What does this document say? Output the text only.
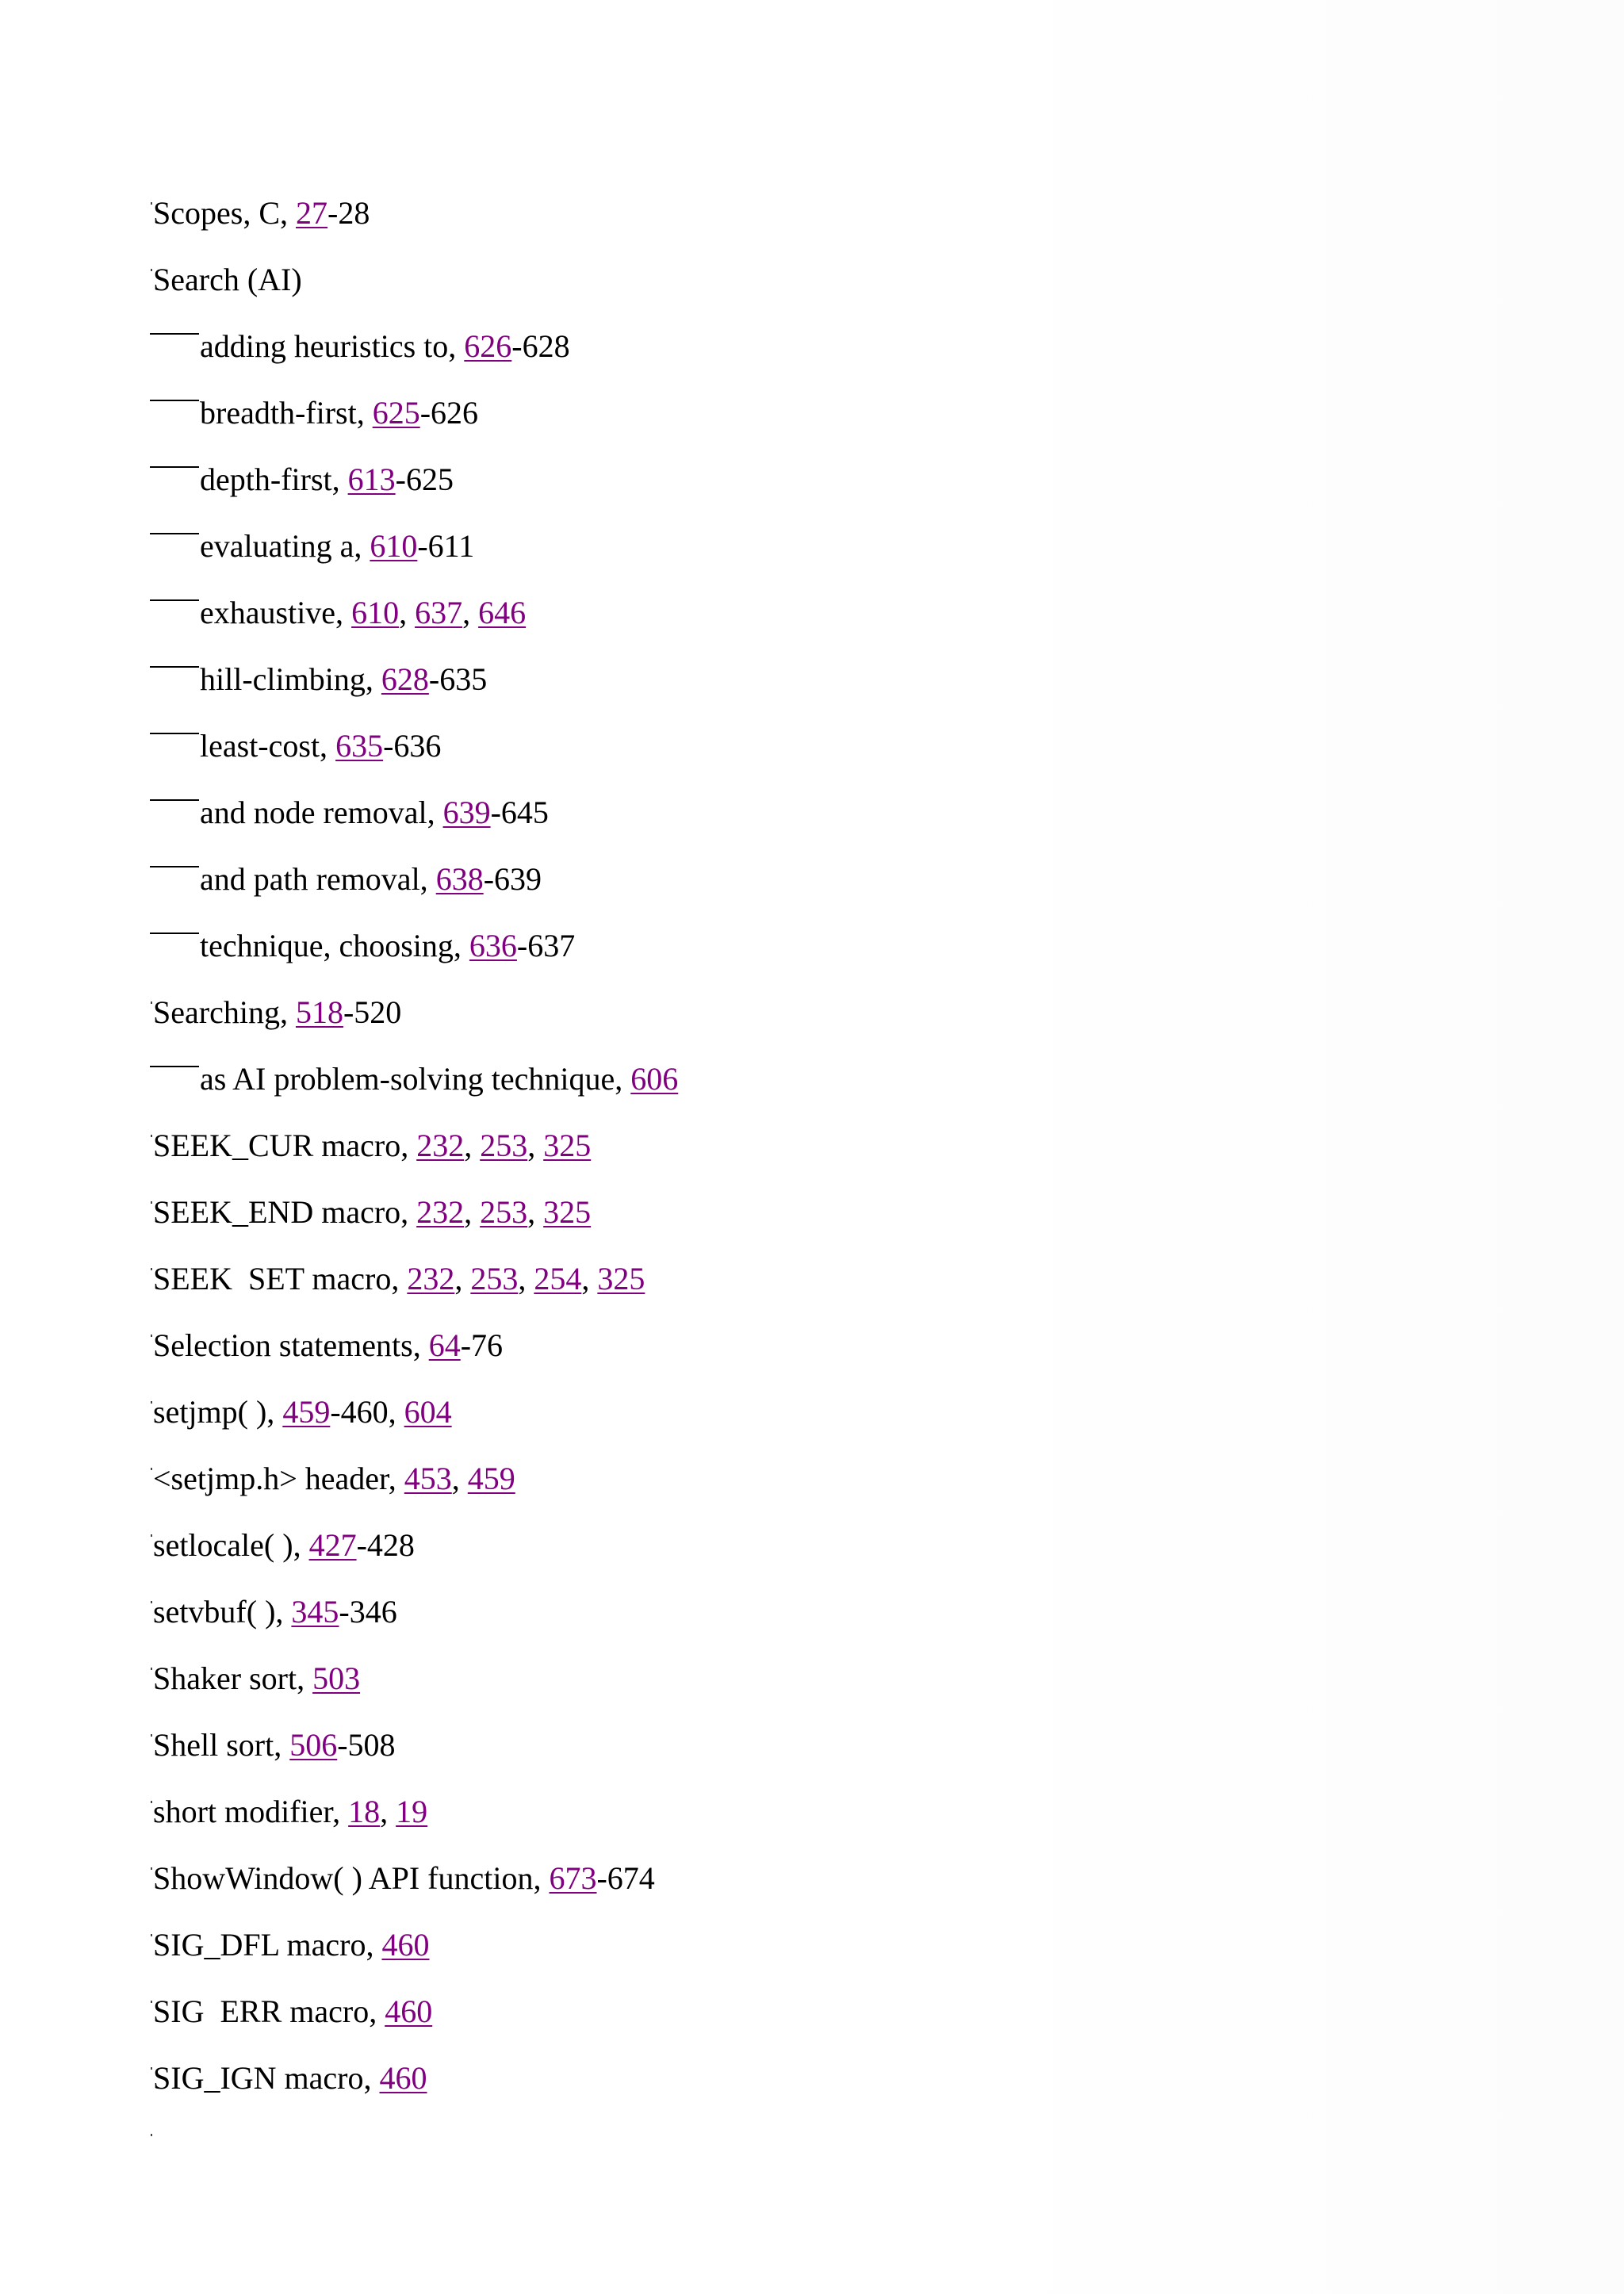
Scopes, C, 27-28
Search (AI)
adding heuristics to, 626-628
breadth-first, 625-626
depth-first, 613-625
evaluating a, 610-611
exhaustive, 610, 637, 646
hill-climbing, 628-635
least-cost, 635-636
and node removal, 639-645
and path removal, 638-639
technique, choosing, 636-637
Searching, 518-520
as AI problem-solving technique, 606
SEEK_CUR macro, 232, 253, 325
SEEK_END macro, 232, 253, 325
SEEK  SET macro, 232, 253, 254, 325
Selection statements, 64-76
setjmp( ), 459-460, 604
<setjmp.h> header, 453, 459
setlocale( ), 427-428
setvbuf( ), 345-346
Shaker sort, 503
Shell sort, 506-508
short modifier, 18, 19
ShowWindow( ) API function, 673-674
SIG_DFL macro, 460
SIG  ERR macro, 460
SIG_IGN macro, 460
